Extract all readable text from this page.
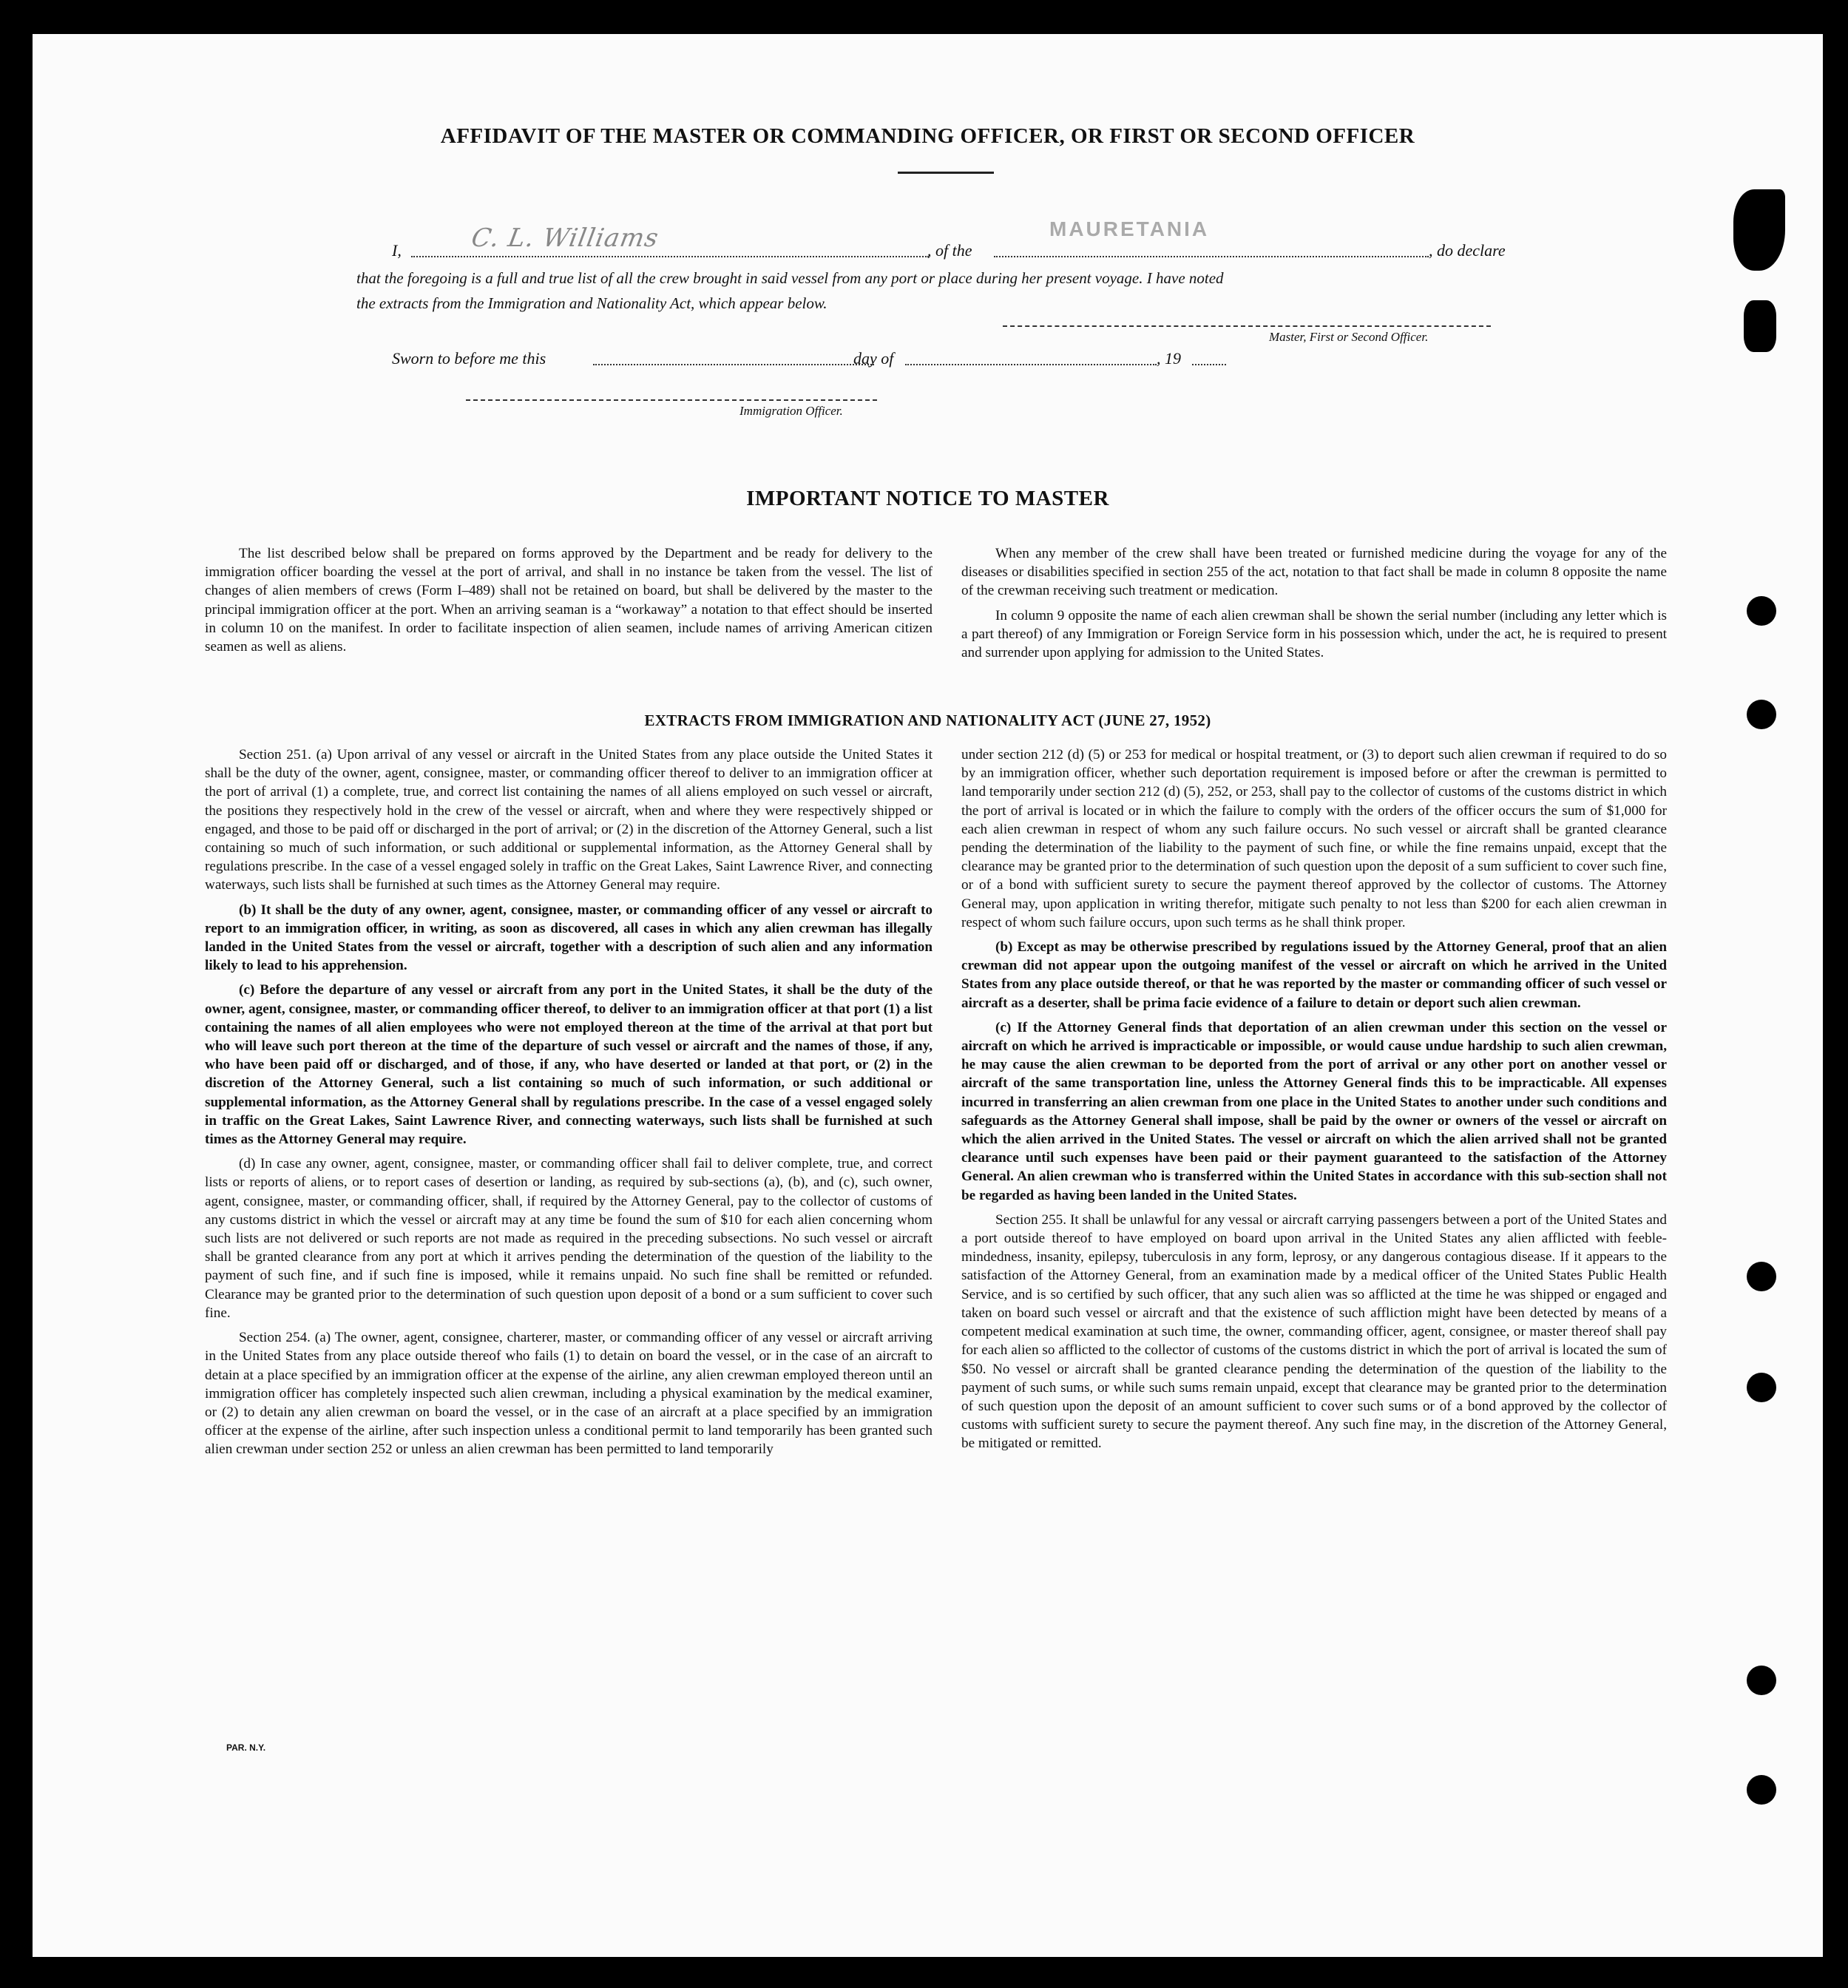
AFFIDAVIT OF THE MASTER OR COMMANDING OFFICER, OR FIRST OR SECOND OFFICER
I,	C. L. Williams	, of the
MAURETANIA
, do declare
that the foregoing is a full and true list of all the crew brought in said vessel from any port or place during her present voyage. I have noted
the extracts from the Immigration and Nationality Act, which appear below.
Master, First or Second Officer.
Sworn to before me this	day of	, 19
Immigration Officer.
IMPORTANT NOTICE TO MASTER

The list described below shall be prepared on forms approved by the Department and be ready for delivery to the immigration officer boarding the vessel at the port of arrival, and shall in no instance be taken from the vessel. The list of changes of alien members of crews (Form I–489) shall not be retained on board, but shall be delivered by the master to the principal immigration officer at the port. When an arriving seaman is a “workaway” a notation to that effect should be inserted in column 10 on the manifest. In order to facilitate inspection of alien seamen, include names of arriving American citizen seamen as well as aliens.

When any member of the crew shall have been treated or furnished medicine during the voyage for any of the diseases or disabilities specified in section 255 of the act, notation to that fact shall be made in column 8 opposite the name of the crewman receiving such treatment or medication.

In column 9 opposite the name of each alien crewman shall be shown the serial number (including any letter which is a part thereof) of any Immigration or Foreign Service form in his possession which, under the act, he is required to present and surrender upon applying for admission to the United States.

EXTRACTS FROM IMMIGRATION AND NATIONALITY ACT (JUNE 27, 1952)

Section 251. (a) Upon arrival of any vessel or aircraft in the United States from any place outside the United States it shall be the duty of the owner, agent, consignee, master, or commanding officer thereof to deliver to an immigration officer at the port of arrival (1) a complete, true, and correct list containing the names of all aliens employed on such vessel or aircraft, the positions they respectively hold in the crew of the vessel or aircraft, when and where they were respectively shipped or engaged, and those to be paid off or discharged in the port of arrival; or (2) in the discretion of the Attorney General, such a list containing so much of such information, or such additional or supplemental information, as the Attorney General shall by regulations prescribe. In the case of a vessel engaged solely in traffic on the Great Lakes, Saint Lawrence River, and connecting waterways, such lists shall be furnished at such times as the Attorney General may require.

(b) It shall be the duty of any owner, agent, consignee, master, or commanding officer of any vessel or aircraft to report to an immigration officer, in writing, as soon as discovered, all cases in which any alien crewman has illegally landed in the United States from the vessel or aircraft, together with a description of such alien and any information likely to lead to his apprehension.

(c) Before the departure of any vessel or aircraft from any port in the United States, it shall be the duty of the owner, agent, consignee, master, or commanding officer thereof, to deliver to an immigration officer at that port (1) a list containing the names of all alien employees who were not employed thereon at the time of the arrival at that port but who will leave such port thereon at the time of the departure of such vessel or aircraft and the names of those, if any, who have been paid off or discharged, and of those, if any, who have deserted or landed at that port, or (2) in the discretion of the Attorney General, such a list containing so much of such information, or such additional or supplemental information, as the Attorney General shall by regulations prescribe. In the case of a vessel engaged solely in traffic on the Great Lakes, Saint Lawrence River, and connecting waterways, such lists shall be furnished at such times as the Attorney General may require.

(d) In case any owner, agent, consignee, master, or commanding officer shall fail to deliver complete, true, and correct lists or reports of aliens, or to report cases of desertion or landing, as required by sub-sections (a), (b), and (c), such owner, agent, consignee, master, or commanding officer, shall, if required by the Attorney General, pay to the collector of customs of any customs district in which the vessel or aircraft may at any time be found the sum of $10 for each alien concerning whom such lists are not delivered or such reports are not made as required in the preceding subsections. No such vessel or aircraft shall be granted clearance from any port at which it arrives pending the determination of the question of the liability to the payment of such fine, and if such fine is imposed, while it remains unpaid. No such fine shall be remitted or refunded. Clearance may be granted prior to the determination of such question upon deposit of a bond or a sum sufficient to cover such fine.

Section 254. (a) The owner, agent, consignee, charterer, master, or commanding officer of any vessel or aircraft arriving in the United States from any place outside thereof who fails (1) to detain on board the vessel, or in the case of an aircraft to detain at a place specified by an immigration officer at the expense of the airline, any alien crewman employed thereon until an immigration officer has completely inspected such alien crewman, including a physical examination by the medical examiner, or (2) to detain any alien crewman on board the vessel, or in the case of an aircraft at a place specified by an immigration officer at the expense of the airline, after such inspection unless a conditional permit to land temporarily has been granted such alien crewman under section 252 or unless an alien crewman has been permitted to land temporarily

under section 212 (d) (5) or 253 for medical or hospital treatment, or (3) to deport such alien crewman if required to do so by an immigration officer, whether such deportation requirement is imposed before or after the crewman is permitted to land temporarily under section 212 (d) (5), 252, or 253, shall pay to the collector of customs of the customs district in which the port of arrival is located or in which the failure to comply with the orders of the officer occurs the sum of $1,000 for each alien crewman in respect of whom any such failure occurs. No such vessel or aircraft shall be granted clearance pending the determination of the liability to the payment of such fine, or while the fine remains unpaid, except that the clearance may be granted prior to the determination of such question upon the deposit of a sum sufficient to cover such fine, or of a bond with sufficient surety to secure the payment thereof approved by the collector of customs. The Attorney General may, upon application in writing therefor, mitigate such penalty to not less than $200 for each alien crewman in respect of whom such failure occurs, upon such terms as he shall think proper.

(b) Except as may be otherwise prescribed by regulations issued by the Attorney General, proof that an alien crewman did not appear upon the outgoing manifest of the vessel or aircraft on which he arrived in the United States from any place outside thereof, or that he was reported by the master or commanding officer of such vessel or aircraft as a deserter, shall be prima facie evidence of a failure to detain or deport such alien crewman.

(c) If the Attorney General finds that deportation of an alien crewman under this section on the vessel or aircraft on which he arrived is impracticable or impossible, or would cause undue hardship to such alien crewman, he may cause the alien crewman to be deported from the port of arrival or any other port on another vessel or aircraft of the same transportation line, unless the Attorney General finds this to be impracticable. All expenses incurred in transferring an alien crewman from one place in the United States to another under such conditions and safeguards as the Attorney General shall impose, shall be paid by the owner or owners of the vessel or aircraft on which the alien arrived in the United States. The vessel or aircraft on which the alien arrived shall not be granted clearance until such expenses have been paid or their payment guaranteed to the satisfaction of the Attorney General. An alien crewman who is transferred within the United States in accordance with this sub-section shall not be regarded as having been landed in the United States.

Section 255. It shall be unlawful for any vessal or aircraft carrying passengers between a port of the United States and a port outside thereof to have employed on board upon arrival in the United States any alien afflicted with feeble-mindedness, insanity, epilepsy, tuberculosis in any form, leprosy, or any dangerous contagious disease. If it appears to the satisfaction of the Attorney General, from an examination made by a medical officer of the United States Public Health Service, and is so certified by such officer, that any such alien was so afflicted at the time he was shipped or engaged and taken on board such vessel or aircraft and that the existence of such affliction might have been detected by means of a competent medical examination at such time, the owner, commanding officer, agent, consignee, or master thereof shall pay for each alien so afflicted to the collector of customs of the customs district in which the port of arrival is located the sum of $50. No vessel or aircraft shall be granted clearance pending the determination of the question of the liability to the payment of such sums, or while such sums remain unpaid, except that clearance may be granted prior to the determination of such question upon the deposit of an amount sufficient to cover such sums or of a bond approved by the collector of customs with sufficient surety to secure the payment thereof. Any such fine may, in the discretion of the Attorney General, be mitigated or remitted.

PAR. N.Y.
